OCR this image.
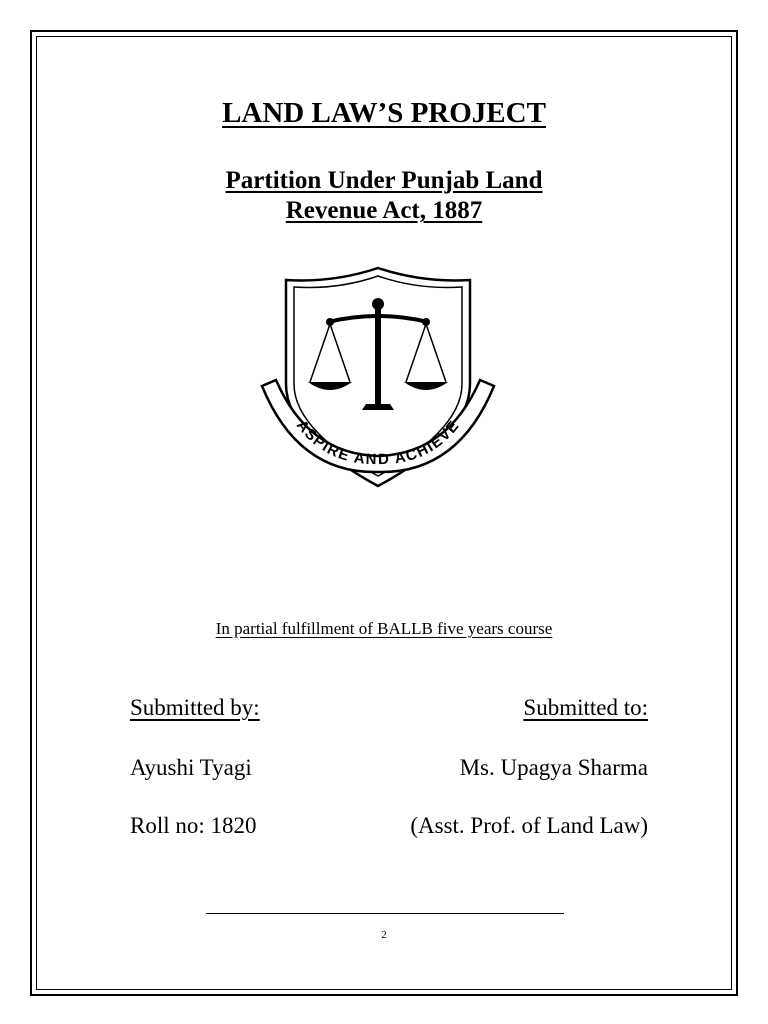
LAND LAW’S PROJECT
Partition Under Punjab Land
Revenue Act, 1887
ASPIRE AND ACHIEVE
In partial fulfillment of BALLB five years course
Submitted by:	Submitted to:
Ayushi Tyagi	Ms. Upagya Sharma
Roll no: 1820	(Asst. Prof. of Land Law)
2
